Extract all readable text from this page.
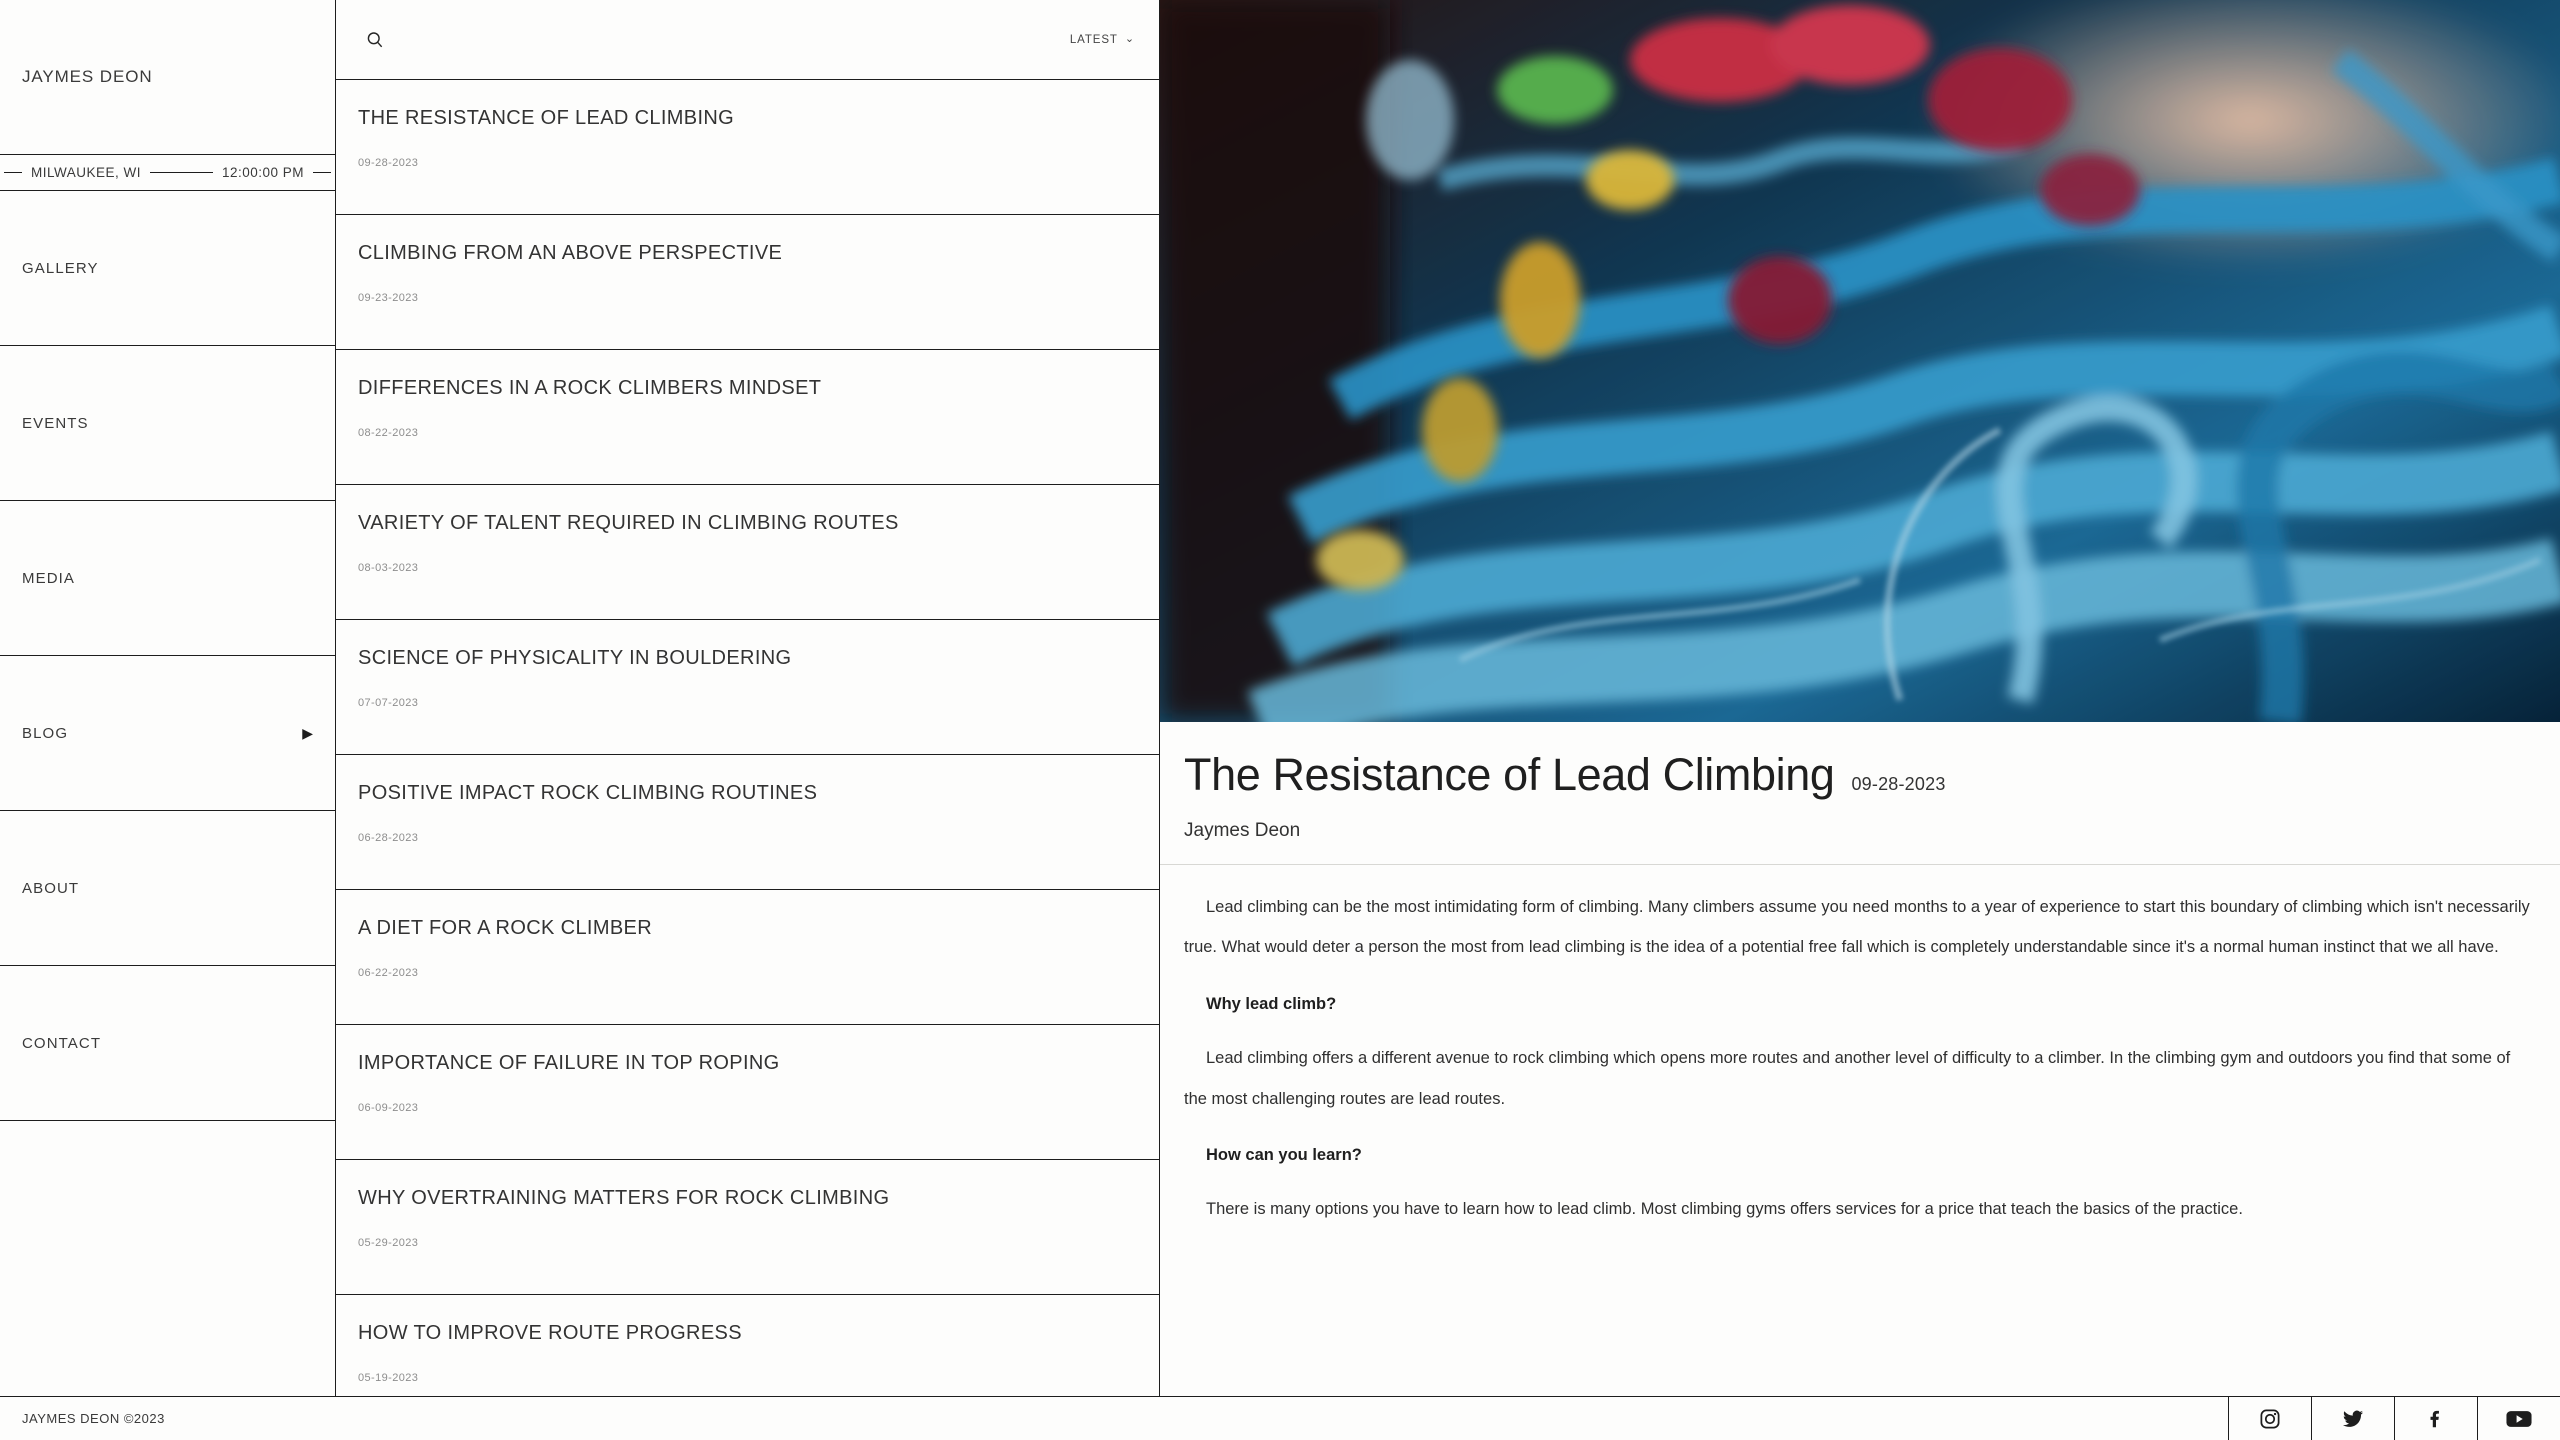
JAYMES DEON
MILWAUKEE, WI	12:00:00 PM
GALLERY
EVENTS
MEDIA
BLOG	▶
ABOUT
CONTACT
LATEST ⌄
THE RESISTANCE OF LEAD CLIMBING
09-28-2023
CLIMBING FROM AN ABOVE PERSPECTIVE
09-23-2023
DIFFERENCES IN A ROCK CLIMBERS MINDSET
08-22-2023
VARIETY OF TALENT REQUIRED IN CLIMBING ROUTES
08-03-2023
SCIENCE OF PHYSICALITY IN BOULDERING
07-07-2023
POSITIVE IMPACT ROCK CLIMBING ROUTINES
06-28-2023
A DIET FOR A ROCK CLIMBER
06-22-2023
IMPORTANCE OF FAILURE IN TOP ROPING
06-09-2023
WHY OVERTRAINING MATTERS FOR ROCK CLIMBING
05-29-2023
HOW TO IMPROVE ROUTE PROGRESS
05-19-2023
The Resistance of Lead Climbing 09-28-2023
Jaymes Deon

Lead climbing can be the most intimidating form of climbing. Many climbers assume you need months to a year of experience to start this boundary of climbing which isn't necessarily true. What would deter a person the most from lead climbing is the idea of a potential free fall which is completely understandable since it's a normal human instinct that we all have.

Why lead climb?

Lead climbing offers a different avenue to rock climbing which opens more routes and another level of difficulty to a climber. In the climbing gym and outdoors you find that some of the most challenging routes are lead routes.

How can you learn?

There is many options you have to learn how to lead climb. Most climbing gyms offers services for a price that teach the basics of the practice.

JAYMES DEON ©2023
